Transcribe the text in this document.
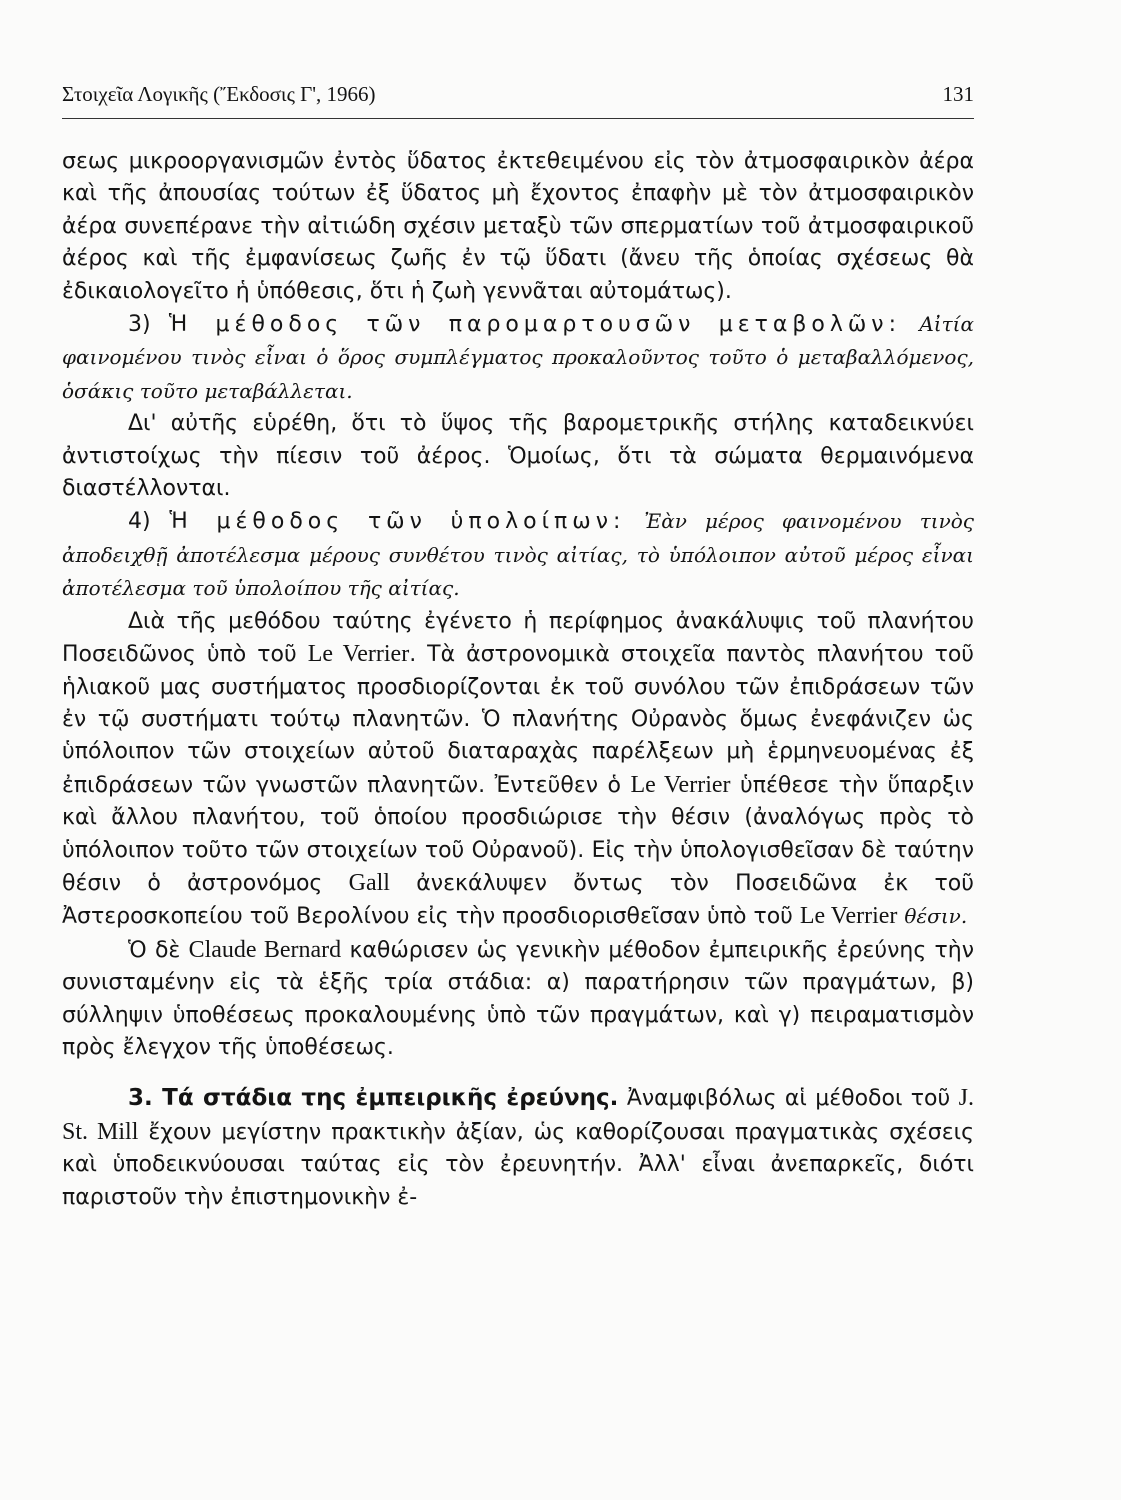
Στοιχεῖα Λογικῆς (Ἔκδοσις Γ', 1966)	131

σεως μικροοργανισμῶν ἐντὸς ὕδατος ἐκτεθειμένου εἰς τὸν ἀτμοσφαιρικὸν ἀέρα καὶ τῆς ἀπουσίας τούτων ἐξ ὕδατος μὴ ἔχοντος ἐπαφὴν μὲ τὸν ἀτμοσφαιρικὸν ἀέρα συνεπέρανε τὴν αἰτιώδη σχέσιν μεταξὺ τῶν σπερματίων τοῦ ἀτμοσφαιρικοῦ ἀέρος καὶ τῆς ἐμφανίσεως ζωῆς ἐν τῷ ὕδατι (ἄνευ τῆς ὁποίας σχέσεως θὰ ἐδικαιολογεῖτο ἡ ὑπόθεσις, ὅτι ἡ ζωὴ γεννᾶται αὐτομάτως).

3) Ἡ μέθοδος τῶν παρομαρτουσῶν μεταβολῶν: Αἰτία φαινομένου τινὸς εἶναι ὁ ὅρος συμπλέγματος προκαλοῦντος τοῦτο ὁ μεταβαλλόμενος, ὁσάκις τοῦτο μεταβάλλεται.

Δι' αὐτῆς εὑρέθη, ὅτι τὸ ὕψος τῆς βαρομετρικῆς στήλης καταδεικνύει ἀντιστοίχως τὴν πίεσιν τοῦ ἀέρος. Ὁμοίως, ὅτι τὰ σώματα θερμαινόμενα διαστέλλονται.

4) Ἡ μέθοδος τῶν ὑπολοίπων: Ἐὰν μέρος φαινομένου τινὸς ἀποδειχθῇ ἀποτέλεσμα μέρους συνθέτου τινὸς αἰτίας, τὸ ὑπόλοιπον αὐτοῦ μέρος εἶναι ἀποτέλεσμα τοῦ ὑπολοίπου τῆς αἰτίας.

Διὰ τῆς μεθόδου ταύτης ἐγένετο ἡ περίφημος ἀνακάλυψις τοῦ πλανήτου Ποσειδῶνος ὑπὸ τοῦ Le Verrier. Τὰ ἀστρονομικὰ στοιχεῖα παντὸς πλανήτου τοῦ ἡλιακοῦ μας συστήματος προσδιορίζονται ἐκ τοῦ συνόλου τῶν ἐπιδράσεων τῶν ἐν τῷ συστήματι τούτῳ πλανητῶν. Ὁ πλανήτης Οὐρανὸς ὅμως ἐνεφάνιζεν ὡς ὑπόλοιπον τῶν στοιχείων αὐτοῦ διαταραχὰς παρέλξεων μὴ ἑρμηνευομένας ἐξ ἐπιδράσεων τῶν γνωστῶν πλανητῶν. Ἐντεῦθεν ὁ Le Verrier ὑπέθεσε τὴν ὕπαρξιν καὶ ἄλλου πλανήτου, τοῦ ὁποίου προσδιώρισε τὴν θέσιν (ἀναλόγως πρὸς τὸ ὑπόλοιπον τοῦτο τῶν στοιχείων τοῦ Οὐρανοῦ). Εἰς τὴν ὑπολογισθεῖσαν δὲ ταύτην θέσιν ὁ ἀστρονόμος Gall ἀνεκάλυψεν ὄντως τὸν Ποσειδῶνα ἐκ τοῦ Ἀστεροσκοπείου τοῦ Βερολίνου εἰς τὴν προσδιορισθεῖσαν ὑπὸ τοῦ Le Verrier θέσιν.

Ὁ δὲ Claude Bernard καθώρισεν ὡς γενικὴν μέθοδον ἐμπειρικῆς ἐρεύνης τὴν συνισταμένην εἰς τὰ ἑξῆς τρία στάδια: α) παρατήρησιν τῶν πραγμάτων, β) σύλληψιν ὑποθέσεως προκαλουμένης ὑπὸ τῶν πραγμάτων, καὶ γ) πειραματισμὸν πρὸς ἔλεγχον τῆς ὑποθέσεως.

3. Τά στάδια της ἐμπειρικῆς ἐρεύνης. Ἀναμφιβόλως αἱ μέθοδοι τοῦ J. St. Mill ἔχουν μεγίστην πρακτικὴν ἀξίαν, ὡς καθορίζουσαι πραγματικὰς σχέσεις καὶ ὑποδεικνύουσαι ταύτας εἰς τὸν ἐρευνητήν. Ἀλλ' εἶναι ἀνεπαρκεῖς, διότι παριστοῦν τὴν ἐπιστημονικὴν ἐ-
